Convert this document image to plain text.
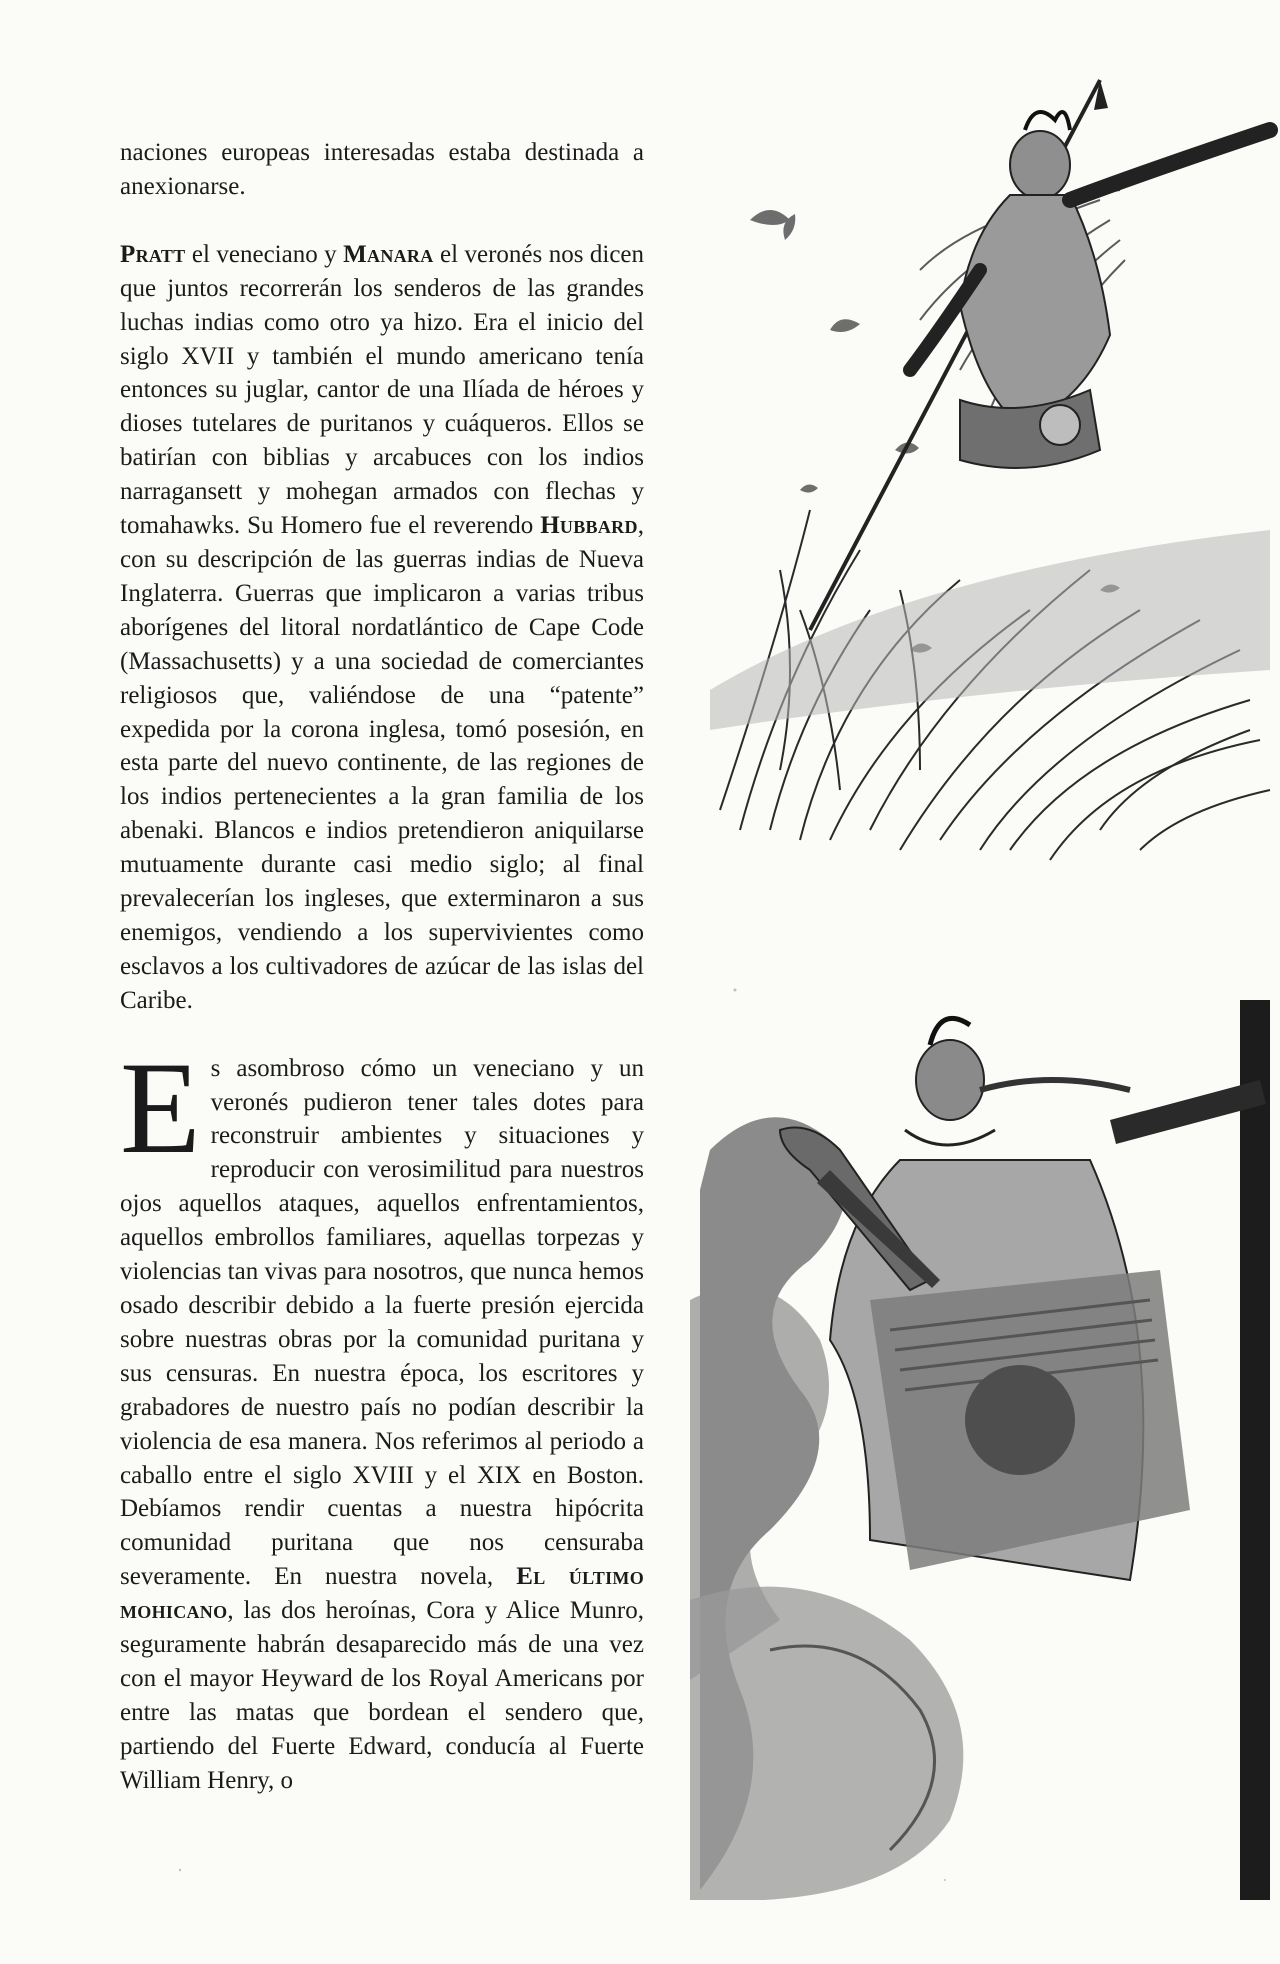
naciones europeas interesadas estaba destinada a anexionarse.

Pratt el veneciano y Manara el veronés nos dicen que juntos recorrerán los senderos de las grandes luchas indias como otro ya hizo. Era el inicio del siglo XVII y también el mundo americano tenía entonces su juglar, cantor de una Ilíada de héroes y dioses tutelares de puritanos y cuáqueros. Ellos se batirían con biblias y arcabuces con los indios narragansett y mohegan armados con flechas y tomahawks. Su Homero fue el reverendo Hubbard, con su descripción de las guerras indias de Nueva Inglaterra. Guerras que implicaron a varias tribus aborígenes del litoral nordatlántico de Cape Code (Massachusetts) y a una sociedad de comerciantes religiosos que, valiéndose de una “patente” expedida por la corona inglesa, tomó posesión, en esta parte del nuevo continente, de las regiones de los indios pertenecientes a la gran familia de los abenaki. Blancos e indios pretendieron aniquilarse mutuamente durante casi medio siglo; al final prevalecerían los ingleses, que exterminaron a sus enemigos, vendiendo a los supervivientes como esclavos a los cultivadores de azúcar de las islas del Caribe.

Es asombroso cómo un veneciano y un veronés pudieron tener tales dotes para reconstruir ambientes y situaciones y reproducir con verosimilitud para nuestros ojos aquellos ataques, aquellos enfrentamientos, aquellos embrollos familiares, aquellas torpezas y violencias tan vivas para nosotros, que nunca hemos osado describir debido a la fuerte presión ejercida sobre nuestras obras por la comunidad puritana y sus censuras. En nuestra época, los escritores y grabadores de nuestro país no podían describir la violencia de esa manera. Nos referimos al periodo a caballo entre el siglo XVIII y el XIX en Boston. Debíamos rendir cuentas a nuestra hipócrita comunidad puritana que nos censuraba severamente. En nuestra novela, El último mohicano, las dos heroínas, Cora y Alice Munro, seguramente habrán desaparecido más de una vez con el mayor Heyward de los Royal Americans por entre las matas que bordean el sendero que, partiendo del Fuerte Edward, conducía al Fuerte William Henry, o
